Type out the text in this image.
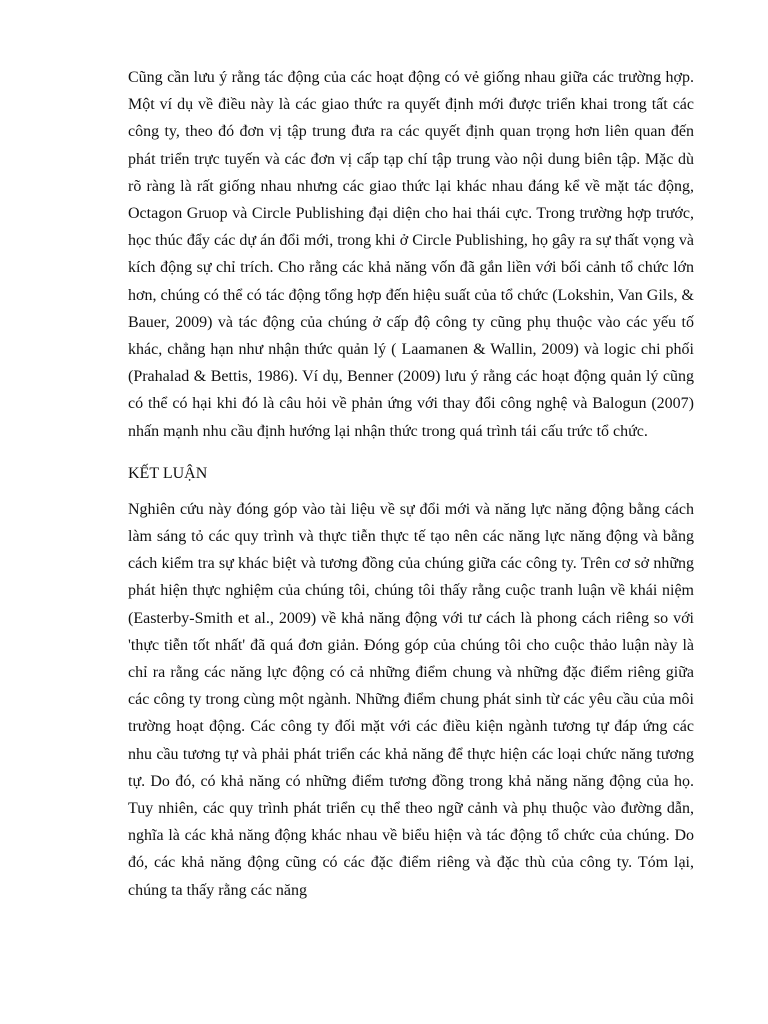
Cũng cần lưu ý rằng tác động của các hoạt động có vẻ giống nhau giữa các trường hợp. Một ví dụ về điều này là các giao thức ra quyết định mới được triển khai trong tất các công ty, theo đó đơn vị tập trung đưa ra các quyết định quan trọng hơn liên quan đến phát triển trực tuyến và các đơn vị cấp tạp chí tập trung vào nội dung biên tập. Mặc dù rõ ràng là rất giống nhau nhưng các giao thức lại khác nhau đáng kể về mặt tác động, Octagon Gruop và Circle Publishing đại diện cho hai thái cực. Trong trường hợp trước, học thúc đẩy các dự án đổi mới, trong khi ở Circle Publishing, họ gây ra sự thất vọng và kích động sự chỉ trích. Cho rằng các khả năng vốn đã gắn liền với bối cảnh tổ chức lớn hơn, chúng có thể có tác động tổng hợp đến hiệu suất của tổ chức (Lokshin, Van Gils, & Bauer, 2009) và tác động của chúng ở cấp độ công ty cũng phụ thuộc vào các yếu tố khác, chẳng hạn như nhận thức quản lý ( Laamanen & Wallin, 2009) và logic chi phối (Prahalad & Bettis, 1986). Ví dụ, Benner (2009) lưu ý rằng các hoạt động quản lý cũng có thể có hại khi đó là câu hỏi về phản ứng với thay đổi công nghệ và Balogun (2007) nhấn mạnh nhu cầu định hướng lại nhận thức trong quá trình tái cấu trức tổ chức.

KẾT LUẬN

Nghiên cứu này đóng góp vào tài liệu về sự đổi mới và năng lực năng động bằng cách làm sáng tỏ các quy trình và thực tiễn thực tế tạo nên các năng lực năng động và bằng cách kiểm tra sự khác biệt và tương đồng của chúng giữa các công ty. Trên cơ sở những phát hiện thực nghiệm của chúng tôi, chúng tôi thấy rằng cuộc tranh luận về khái niệm (Easterby-Smith et al., 2009) về khả năng động với tư cách là phong cách riêng so với 'thực tiễn tốt nhất' đã quá đơn giản. Đóng góp của chúng tôi cho cuộc thảo luận này là chỉ ra rằng các năng lực động có cả những điểm chung và những đặc điểm riêng giữa các công ty trong cùng một ngành. Những điểm chung phát sinh từ các yêu cầu của môi trường hoạt động. Các công ty đối mặt với các điều kiện ngành tương tự đáp ứng các nhu cầu tương tự và phải phát triển các khả năng để thực hiện các loại chức năng tương tự. Do đó, có khả năng có những điểm tương đồng trong khả năng năng động của họ. Tuy nhiên, các quy trình phát triển cụ thể theo ngữ cảnh và phụ thuộc vào đường dẫn, nghĩa là các khả năng động khác nhau về biểu hiện và tác động tổ chức của chúng. Do đó, các khả năng động cũng có các đặc điểm riêng và đặc thù của công ty. Tóm lại, chúng ta thấy rằng các năng
